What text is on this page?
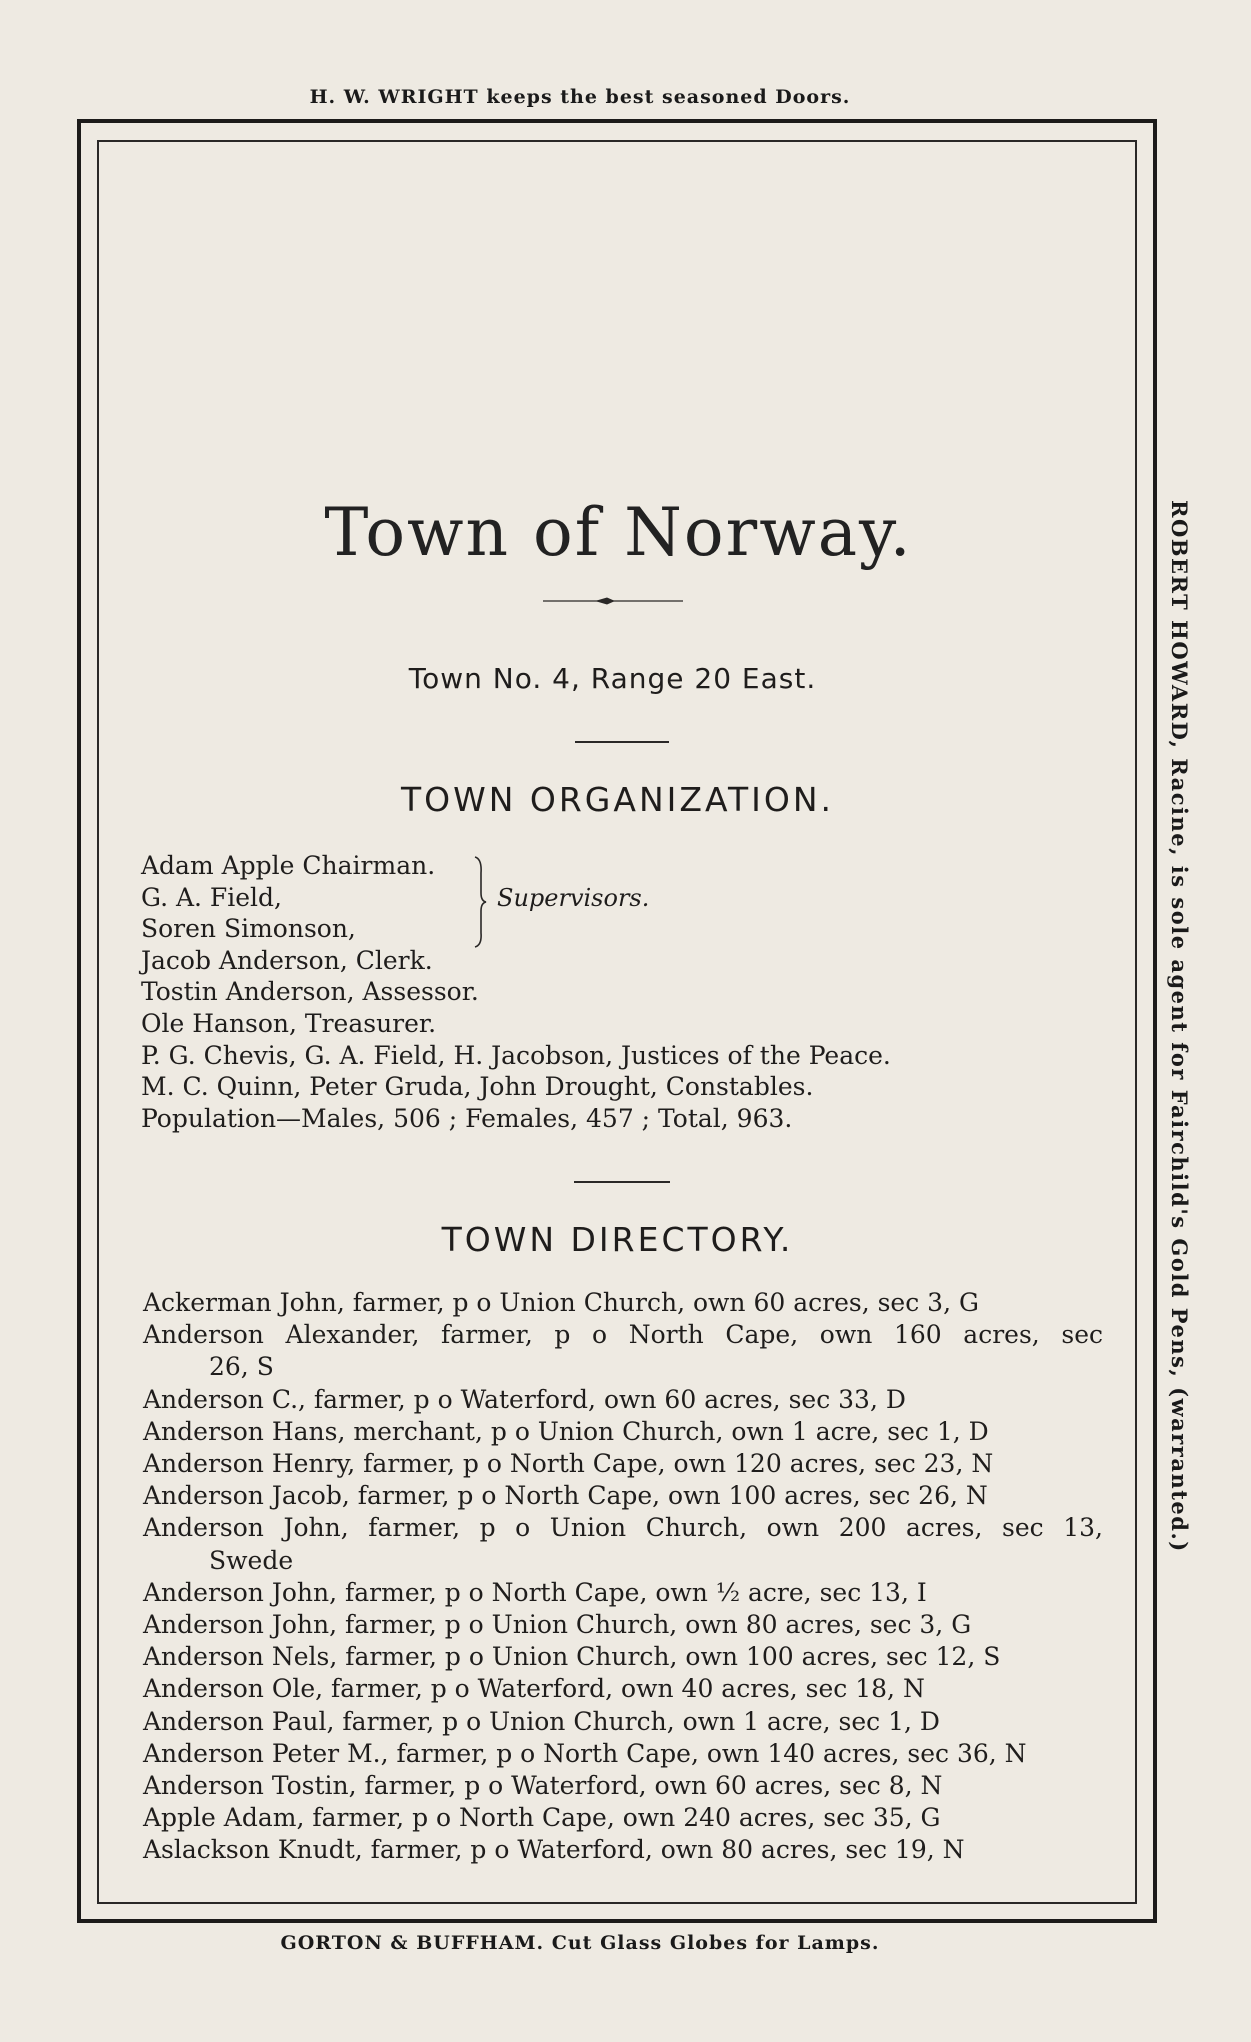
H. W. WRIGHT keeps the best seasoned Doors.
ROBERT HOWARD, Racine, is sole agent for Fairchild's Gold Pens, (warranted.)
Town of Norway.
Town No. 4, Range 20 East.
TOWN ORGANIZATION.
Adam Apple Chairman.
G. A. Field,
Soren Simonson,
Jacob Anderson, Clerk.
Tostin Anderson, Assessor.
Ole Hanson, Treasurer.
P. G. Chevis, G. A. Field, H. Jacobson, Justices of the Peace.
M. C. Quinn, Peter Gruda, John Drought, Constables.
Population—Males, 506 ; Females, 457 ; Total, 963.
Supervisors.
TOWN DIRECTORY.
Ackerman John, farmer, p o Union Church, own 60 acres, sec 3, G
Anderson Alexander, farmer, p o North Cape, own 160 acres, sec
26, S
Anderson C., farmer, p o Waterford, own 60 acres, sec 33, D
Anderson Hans, merchant, p o Union Church, own 1 acre, sec 1, D
Anderson Henry, farmer, p o North Cape, own 120 acres, sec 23, N
Anderson Jacob, farmer, p o North Cape, own 100 acres, sec 26, N
Anderson John, farmer, p o Union Church, own 200 acres, sec 13,
Swede
Anderson John, farmer, p o North Cape, own ½ acre, sec 13, I
Anderson John, farmer, p o Union Church, own 80 acres, sec 3, G
Anderson Nels, farmer, p o Union Church, own 100 acres, sec 12, S
Anderson Ole, farmer, p o Waterford, own 40 acres, sec 18, N
Anderson Paul, farmer, p o Union Church, own 1 acre, sec 1, D
Anderson Peter M., farmer, p o North Cape, own 140 acres, sec 36, N
Anderson Tostin, farmer, p o Waterford, own 60 acres, sec 8, N
Apple Adam, farmer, p o North Cape, own 240 acres, sec 35, G
Aslackson Knudt, farmer, p o Waterford, own 80 acres, sec 19, N
GORTON & BUFFHAM. Cut Glass Globes for Lamps.
